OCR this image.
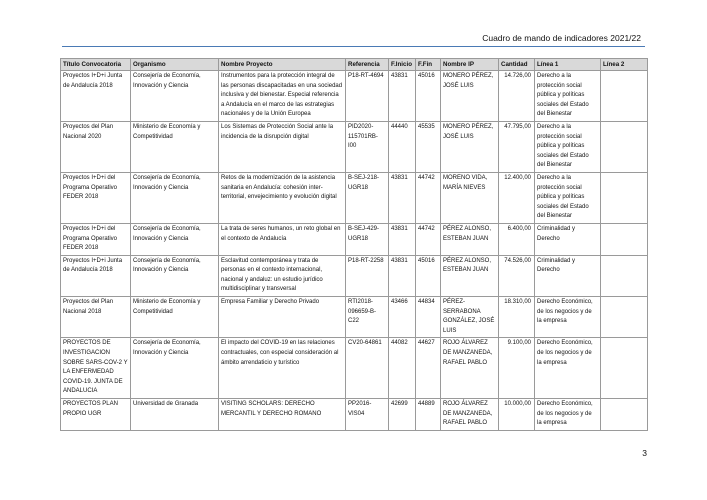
Cuadro de mando de indicadores 2021/22
Título Convocatoria	Organismo	Nombre Proyecto	Referencia	F.Inicio	F.Fin	Nombre IP	Cantidad	Línea 1	Línea 2
Proyectos I+D+i Junta de Andalucía 2018	Consejería de Economía, Innovación y Ciencia	Instrumentos para la protección integral de las personas discapacitadas en una sociedad inclusiva y del bienestar. Especial referencia a Andalucía en el marco de las estrategias nacionales y de la Unión Europea	P18-RT-4694	43831	45016	MONERO PÉREZ, JOSÉ LUIS	14.726,00	Derecho a la protección social pública y políticas sociales del Estado del Bienestar	
Proyectos del Plan Nacional 2020	Ministerio de Economía y Competitividad	Los Sistemas de Protección Social ante la incidencia de la disrupción digital	PID2020-115701RB-I00	44440	45535	MONERO PÉREZ, JOSÉ LUIS	47.795,00	Derecho a la protección social pública y políticas sociales del Estado del Bienestar	
Proyectos I+D+i del Programa Operativo FEDER 2018	Consejería de Economía, Innovación y Ciencia	Retos de la modernización de la asistencia sanitaria en Andalucía: cohesión inter-territorial, envejecimiento y evolución digital	B-SEJ-218-UGR18	43831	44742	MORENO VIDA, MARÍA NIEVES	12.400,00	Derecho a la protección social pública y políticas sociales del Estado del Bienestar	
Proyectos I+D+i del Programa Operativo FEDER 2018	Consejería de Economía, Innovación y Ciencia	La trata de seres humanos, un reto global en el contexto de Andalucía	B-SEJ-429-UGR18	43831	44742	PÉREZ ALONSO, ESTEBAN JUAN	6.400,00	Criminalidad y Derecho	
Proyectos I+D+i Junta de Andalucía 2018	Consejería de Economía, Innovación y Ciencia	Esclavitud contemporánea y trata de personas en el contexto internacional, nacional y andaluz: un estudio jurídico multidisciplinar y transversal	P18-RT-2258	43831	45016	PÉREZ ALONSO, ESTEBAN JUAN	74.526,00	Criminalidad y Derecho	
Proyectos del Plan Nacional 2018	Ministerio de Economía y Competitividad	Empresa Familiar y Derecho Privado	RTI2018-096659-B-C22	43466	44834	PÉREZ-SERRABONA GONZÁLEZ, JOSÉ LUIS	18.310,00	Derecho Económico, de los negocios y de la empresa	
PROYECTOS DE INVESTIGACION SOBRE SARS-COV-2 Y LA ENFERMEDAD COVID-19. JUNTA DE ANDALUCIA	Consejería de Economía, Innovación y Ciencia	El impacto del COVID-19 en las relaciones contractuales, con especial consideración al ámbito arrendaticio y turístico	CV20-64861	44082	44627	ROJO ÁLVAREZ DE MANZANEDA, RAFAEL PABLO	9.100,00	Derecho Económico, de los negocios y de la empresa	
PROYECTOS PLAN PROPIO UGR	Universidad de Granada	VISITING SCHOLARS: DERECHO MERCANTIL Y DERECHO ROMANO	PP2016-VIS04	42699	44889	ROJO ÁLVAREZ DE MANZANEDA, RAFAEL PABLO	10.000,00	Derecho Económico, de los negocios y de la empresa	
3
